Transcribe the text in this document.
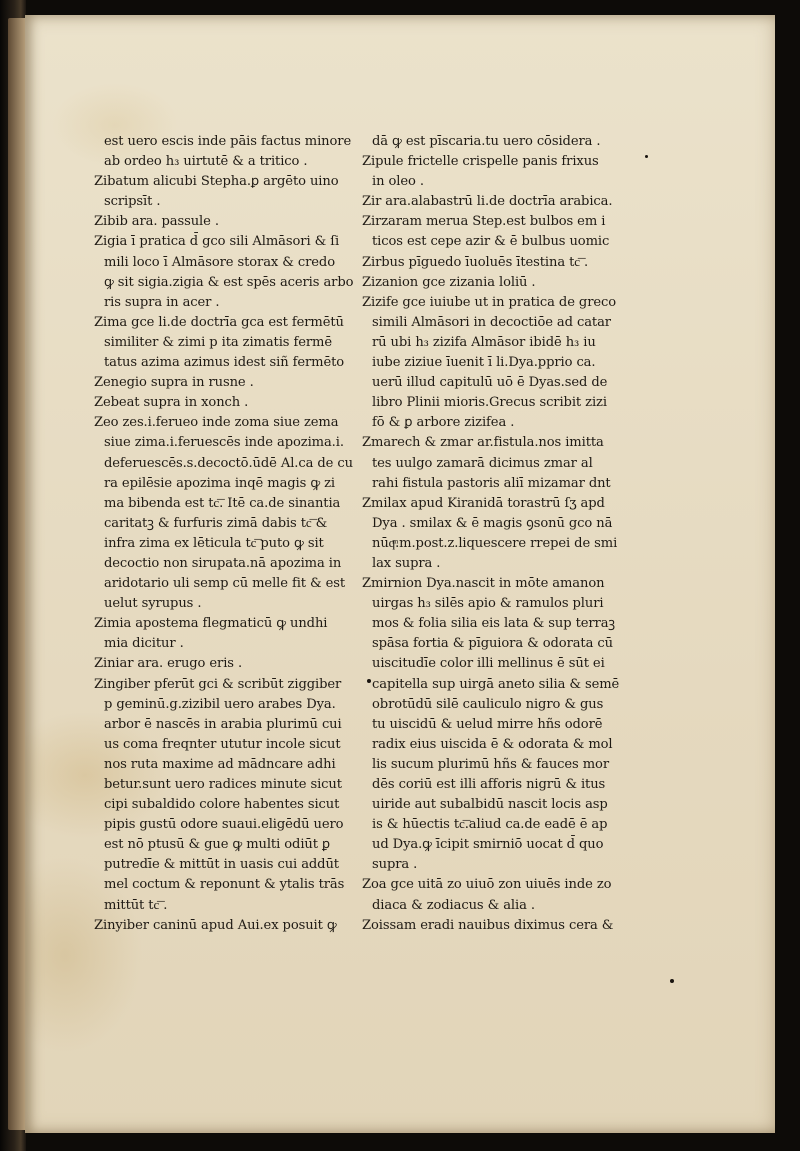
est uero escis inde pāis factus minore
ab ordeo h₃ uirtutē & a tritico .
Zibatum alicubi Stepha.ꝑ argēto uino
scripsīt .
Zibib ara. passule .
Zigia ī pratica d̄ gco sili Almāsori & ſi
mili loco ī Almāsore storax & credo
ꝙ sit sigia.zigia & est spēs aceris arbo
ris supra in acer .
Zima gce li.de doctrīa gca est fermētū
similiter & zimi p ita zimatis fermē
tatus azima azimus idest siñ fermēto
Zenegio supra in rusne .
Zebeat supra in xonch .
Zeo zes.i.ferueo inde zoma siue zema
siue zima.i.feruescēs inde apozima.i.
deferuescēs.s.decoctō.ūdē Al.ca de cu
ra epilēsie apozima inqē magis ꝙ zi
ma bibenda est tc͞. Itē ca.de sinantia
caritatꝫ & furfuris zimā dabis tc͞ &
infra zima ex lēticula tc͞ puto ꝙ sit
decoctio non sirupata.nā apozima in
aridotario uli semp cū melle fit & est
uelut syrupus .
Zimia apostema flegmaticū ꝙ undhi
mia dicitur .
Ziniar ara. erugo eris .
Zingiber pferūt gci & scribūt ziggiber
p geminū.g.zizibil uero arabes Dya.
arbor ē nascēs in arabia plurimū cui
us coma freqnter ututur incole sicut
nos ruta maxime ad mādncare adhi
betur.sunt uero radices minute sicut
cipi subaldido colore habentes sicut
pipis gustū odore suaui.eligēdū uero
est nō ptusū & gue ꝙ multi odiūt ꝑ
putredīe & mittūt in uasis cui addūt
mel coctum & reponunt & ytalis trās
mittūt tc͞ .
Zinyiber caninū apud Aui.ex posuit ꝙ
dā ꝙ est pīscaria.tu uero cōsidera .
Zipule frictelle crispelle panis frixus
in oleo .
Zir ara.alabastrū li.de doctrīa arabica.
Zirzaram merua Step.est bulbos em i
ticos est cepe azir & ē bulbus uomic
Zirbus pīguedo īuoluēs ītestina tc͞ .
Zizanion gce zizania loliū .
Zizife gce iuiube ut in pratica de greco
simili Almāsori in decoctiōe ad catar
rū ubi h₃ zizifa Almāsor ibidē h₃ iu
iube ziziue īuenit ī li.Dya.pprio ca.
uerū illud capitulū uō ē Dyas.sed de
libro Plinii mioris.Grecus scribit zizi
fō & ꝑ arbore zizifea .
Zmarech & zmar ar.fistula.nos imitta
tes uulgo zamarā dicimus zmar al
rahi fistula pastoris aliī mizamar dnt
Zmilax apud Kiranidā torastrū ſʒ apd
Dya . smilax & ē magis ꝯsonū gco nā
nūqͫ.m.post.z.liquescere rrepei de smi
lax supra .
Zmirnion Dya.nascit in mōte amanon
uirgas h₃ silēs apio & ramulos pluri
mos & folia silia eis lata & sup terraꝫ
spāsa fortia & pīguiora & odorata cū
uiscitudīe color illi mellinus ē sūt ei
capitella sup uirgā aneto silia & semē
obrotūdū silē cauliculo nigro & gus
tu uiscidū & uelud mirre hñs odorē
radix eius uiscida ē & odorata & mol
lis sucum plurimū hñs & fauces mor
dēs coriū est illi afforis nigrū & itus
uiride aut subalbidū nascit locis asp
is & hūectis tc͞.aliud ca.de eadē ē ap
ud Dya.ꝙ īcipit smirniō uocat d̄ quo
supra .
Zoa gce uitā zo uiuō zon uiuēs inde zo
diaca & zodiacus & alia .
Zoissam eradi nauibus diximus cera &
